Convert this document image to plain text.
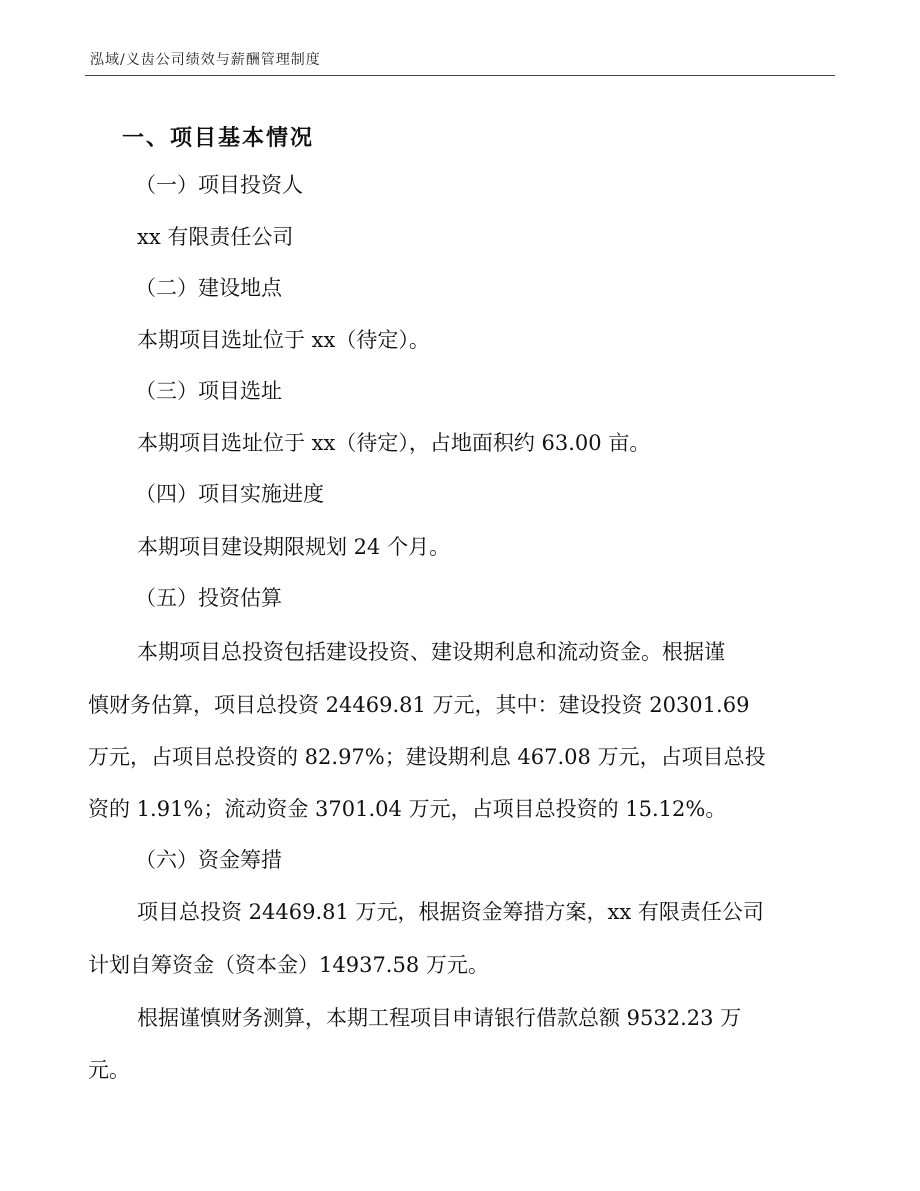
泓域/义齿公司绩效与薪酬管理制度
一、项目基本情况
（一）项目投资人
xx 有限责任公司
（二）建设地点
本期项目选址位于 xx（待定）。
（三）项目选址
本期项目选址位于 xx（待定），占地面积约 63.00 亩。
（四）项目实施进度
本期项目建设期限规划 24 个月。
（五）投资估算
本期项目总投资包括建设投资、建设期利息和流动资金。根据谨
慎财务估算，项目总投资 24469.81 万元，其中：建设投资 20301.69
万元，占项目总投资的 82.97%；建设期利息 467.08 万元，占项目总投
资的 1.91%；流动资金 3701.04 万元，占项目总投资的 15.12%。
（六）资金筹措
项目总投资 24469.81 万元，根据资金筹措方案，xx 有限责任公司
计划自筹资金（资本金）14937.58 万元。
根据谨慎财务测算，本期工程项目申请银行借款总额 9532.23 万
元。
